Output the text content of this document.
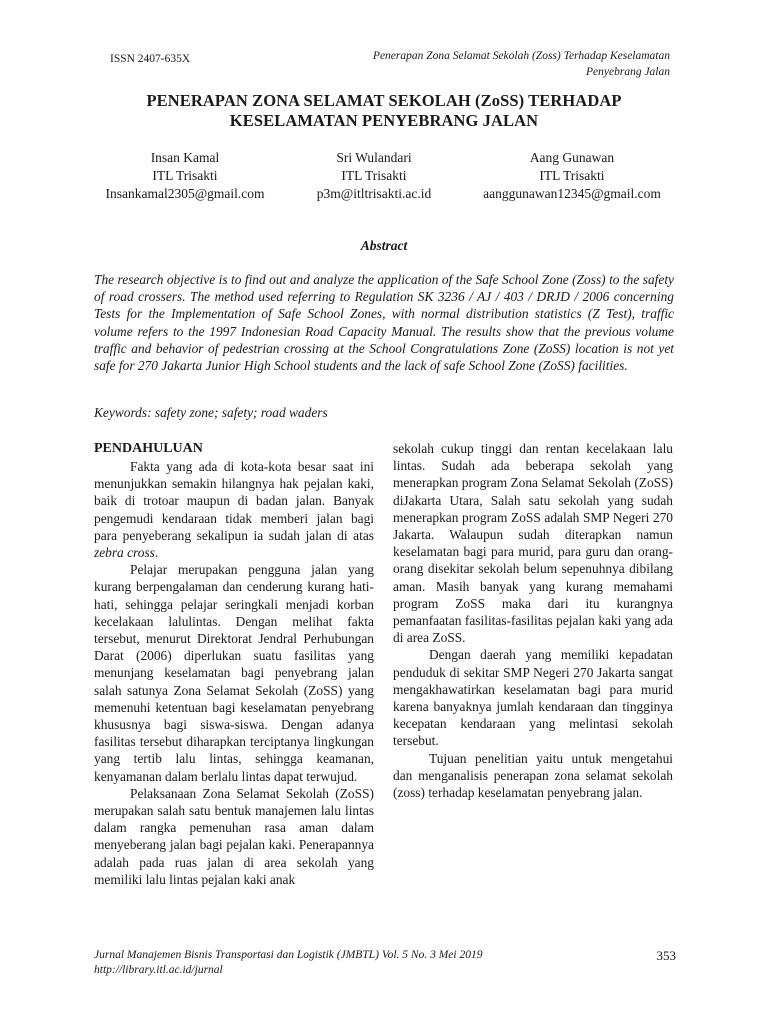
ISSN 2407-635X	Penerapan Zona Selamat Sekolah (Zoss) Terhadap Keselamatan
Penyebrang Jalan
PENERAPAN ZONA SELAMAT SEKOLAH (ZoSS) TERHADAP
KESELAMATAN PENYEBRANG JALAN
Insan Kamal
ITL Trisakti
Insankamal2305@gmail.com
Sri Wulandari
ITL Trisakti
p3m@itltrisakti.ac.id
Aang Gunawan
ITL Trisakti
aanggunawan12345@gmail.com
Abstract
The research objective is to find out and analyze the application of the Safe School Zone (Zoss) to the safety of road crossers. The method used referring to Regulation SK 3236 / AJ / 403 / DRJD / 2006 concerning Tests for the Implementation of Safe School Zones, with normal distribution statistics (Z Test), traffic volume refers to the 1997 Indonesian Road Capacity Manual. The results show that the previous volume traffic and behavior of pedestrian crossing at the School Congratulations Zone (ZoSS) location is not yet safe for 270 Jakarta Junior High School students and the lack of safe School Zone (ZoSS) facilities.
Keywords: safety zone; safety; road waders
PENDAHULUAN

Fakta yang ada di kota-kota besar saat ini menunjukkan semakin hilangnya hak pejalan kaki, baik di trotoar maupun di badan jalan. Banyak pengemudi kendaraan tidak memberi jalan bagi para penyeberang sekalipun ia sudah jalan di atas zebra cross.

Pelajar merupakan pengguna jalan yang kurang berpengalaman dan cenderung kurang hati-hati, sehingga pelajar seringkali menjadi korban kecelakaan lalulintas. Dengan melihat fakta tersebut, menurut Direktorat Jendral Perhubungan Darat (2006) diperlukan suatu fasilitas yang menunjang keselamatan bagi penyebrang jalan salah satunya Zona Selamat Sekolah (ZoSS) yang memenuhi ketentuan bagi keselamatan penyebrang khususnya bagi siswa-siswa. Dengan adanya fasilitas tersebut diharapkan terciptanya lingkungan yang tertib lalu lintas, sehingga keamanan, kenyamanan dalam berlalu lintas dapat terwujud.

Pelaksanaan Zona Selamat Sekolah (ZoSS) merupakan salah satu bentuk manajemen lalu lintas dalam rangka pemenuhan rasa aman dalam menyeberang jalan bagi pejalan kaki. Penerapannya adalah pada ruas jalan di area sekolah yang memiliki lalu lintas pejalan kaki anak

sekolah cukup tinggi dan rentan kecelakaan lalu lintas. Sudah ada beberapa sekolah yang menerapkan program Zona Selamat Sekolah (ZoSS) diJakarta Utara, Salah satu sekolah yang sudah menerapkan program ZoSS adalah SMP Negeri 270 Jakarta. Walaupun sudah diterapkan namun keselamatan bagi para murid, para guru dan orang-orang disekitar sekolah belum sepenuhnya dibilang aman. Masih banyak yang kurang memahami program ZoSS maka dari itu kurangnya pemanfaatan fasilitas-fasilitas pejalan kaki yang ada di area ZoSS.

Dengan daerah yang memiliki kepadatan penduduk di sekitar SMP Negeri 270 Jakarta sangat mengakhawatirkan keselamatan bagi para murid karena banyaknya jumlah kendaraan dan tingginya kecepatan kendaraan yang melintasi sekolah tersebut.

Tujuan penelitian yaitu untuk mengetahui dan menganalisis penerapan zona selamat sekolah (zoss) terhadap keselamatan penyebrang jalan.

Jurnal Manajemen Bisnis Transportasi dan Logistik (JMBTL) Vol. 5 No. 3 Mei 2019
http://library.itl.ac.id/jurnal
353
